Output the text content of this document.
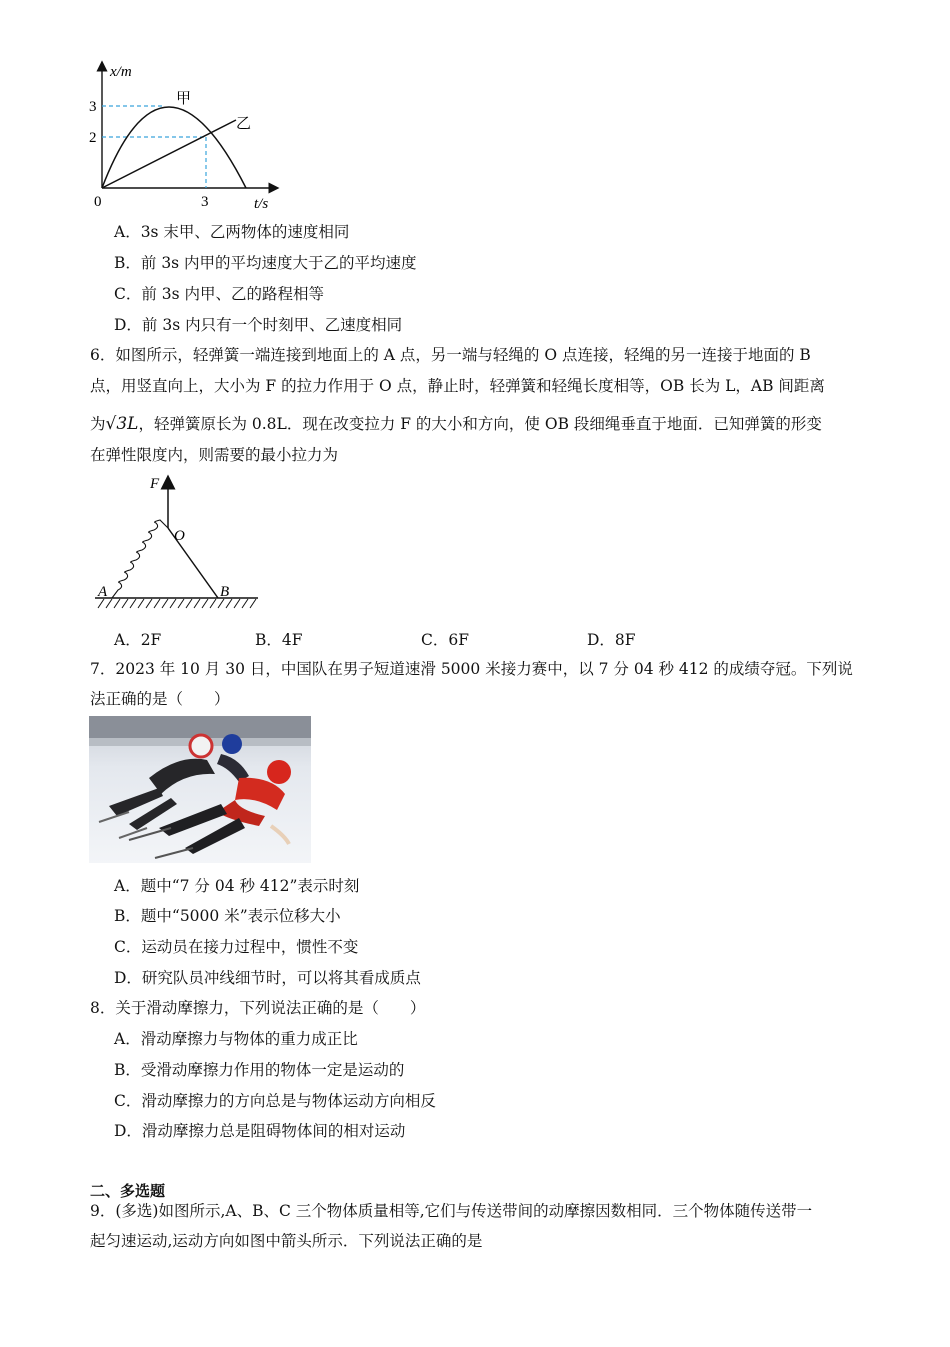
x/m
t/s
0
3
2
3
甲
乙
A．3s 末甲、乙两物体的速度相同
B．前 3s 内甲的平均速度大于乙的平均速度
C．前 3s 内甲、乙的路程相等
D．前 3s 内只有一个时刻甲、乙速度相同
6．如图所示，轻弹簧一端连接到地面上的 A 点，另一端与轻绳的 O 点连接，轻绳的另一连接于地面的 B
点，用竖直向上，大小为 F 的拉力作用于 O 点，静止时，轻弹簧和轻绳长度相等，OB 长为 L，AB 间距离
为√3L，轻弹簧原长为 0.8L．现在改变拉力 F 的大小和方向，使 OB 段细绳垂直于地面．已知弹簧的形变
在弹性限度内，则需要的最小拉力为
F
O
A	B
A．2F	B．4F	C．6F	D．8F
7．2023 年 10 月 30 日，中国队在男子短道速滑 5000 米接力赛中，以 7 分 04 秒 412 的成绩夺冠。下列说
法正确的是（　　）
A．题中“7 分 04 秒 412”表示时刻
B．题中“5000 米”表示位移大小
C．运动员在接力过程中，惯性不变
D．研究队员冲线细节时，可以将其看成质点
8．关于滑动摩擦力，下列说法正确的是（　　）
A．滑动摩擦力与物体的重力成正比
B．受滑动摩擦力作用的物体一定是运动的
C．滑动摩擦力的方向总是与物体运动方向相反
D．滑动摩擦力总是阻碍物体间的相对运动
二、多选题
9．(多选)如图所示,A、B、C 三个物体质量相等,它们与传送带间的动摩擦因数相同．三个物体随传送带一
起匀速运动,运动方向如图中箭头所示．下列说法正确的是
